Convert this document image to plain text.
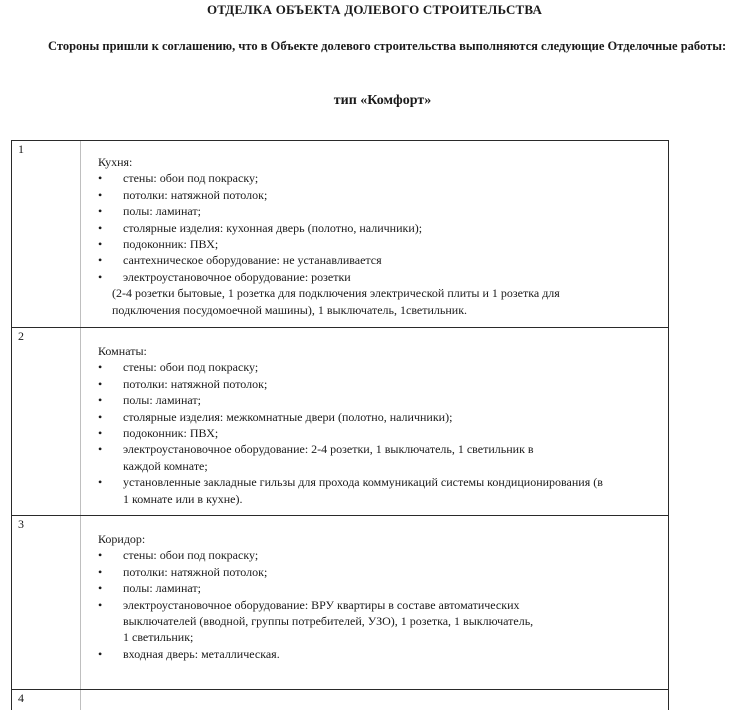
ОТДЕЛКА ОБЪЕКТА ДОЛЕВОГО СТРОИТЕЛЬСТВА
Стороны пришли к соглашению, что в Объекте долевого строительства выполняются следующие Отделочные работы:
тип «Комфорт»
1

Кухня:

• стены: обои под покраску;
• потолки: натяжной потолок;
• полы: ламинат;
• столярные изделия: кухонная дверь (полотно, наличники);
• подоконник: ПВХ;
• сантехническое оборудование: не устанавливается
• электроустановочное оборудование: розетки
(2-4 розетки бытовые, 1 розетка для подключения электрической плиты и 1 розетка для
подключения посудомоечной машины), 1 выключатель, 1светильник.
2

Комнаты:

• стены: обои под покраску;
• потолки: натяжной потолок;
• полы: ламинат;
• столярные изделия: межкомнатные двери (полотно, наличники);
• подоконник: ПВХ;
• электроустановочное оборудование: 2-4 розетки, 1 выключатель, 1 светильник в
каждой комнате;
• установленные закладные гильзы для прохода коммуникаций системы кондиционирования (в
1 комнате или в кухне).
3

Коридор:

• стены: обои под покраску;
• потолки: натяжной потолок;
• полы: ламинат;
• электроустановочное оборудование: ВРУ квартиры в составе автоматических
выключателей (вводной, группы потребителей, УЗО), 1 розетка, 1 выключатель,
1 светильник;
• входная дверь: металлическая.
4
